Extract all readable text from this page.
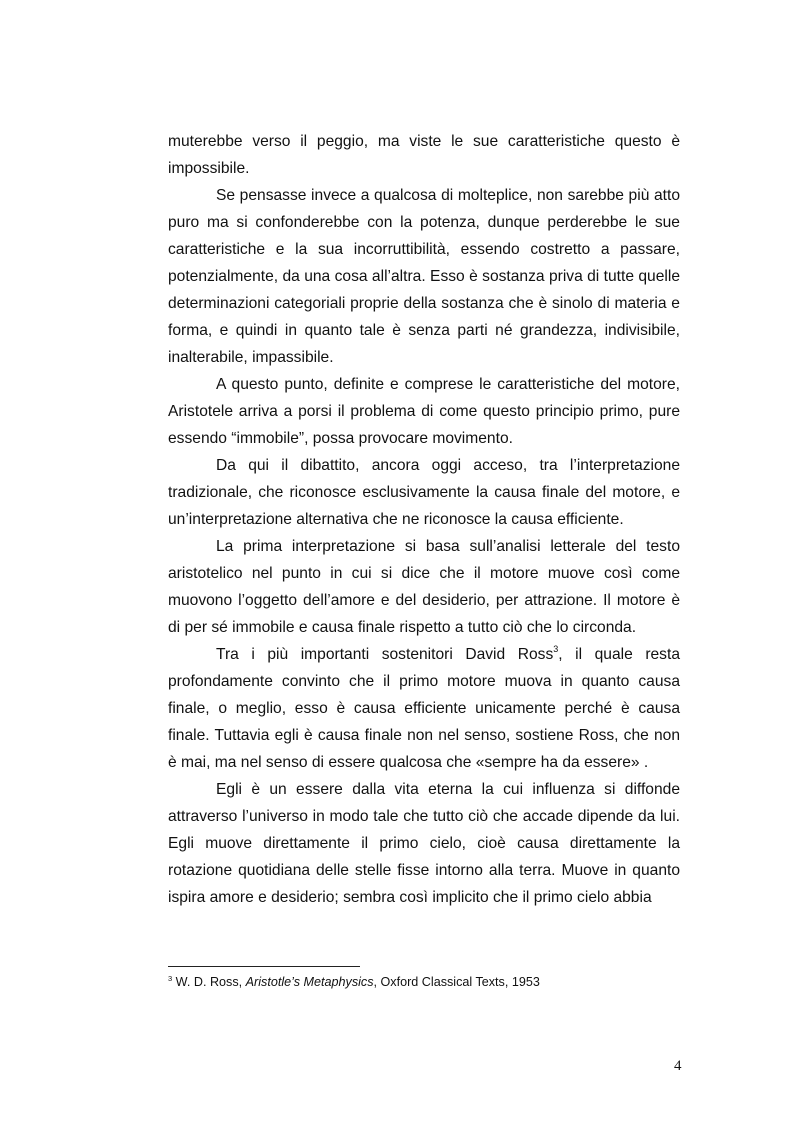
muterebbe verso il peggio, ma viste le sue caratteristiche questo è impossibile.

Se pensasse invece a qualcosa di molteplice, non sarebbe più atto puro ma si confonderebbe con la potenza, dunque perderebbe le sue caratteristiche e la sua incorruttibilità, essendo costretto a passare, potenzialmente, da una cosa all’altra. Esso è sostanza priva di tutte quelle determinazioni categoriali proprie della sostanza che è sinolo di materia e forma, e quindi in quanto tale è senza parti né grandezza, indivisibile, inalterabile, impassibile.

A questo punto, definite e comprese le caratteristiche del motore, Aristotele arriva a porsi il problema di come questo principio primo, pure essendo “immobile”, possa provocare movimento.

Da qui il dibattito, ancora oggi acceso, tra l’interpretazione tradizionale, che riconosce esclusivamente la causa finale del motore, e un’interpretazione alternativa che ne riconosce la causa efficiente.

La prima interpretazione si basa sull’analisi letterale del testo aristotelico nel punto in cui si dice che il motore muove così come muovono l’oggetto dell’amore e del desiderio, per attrazione. Il motore è di per sé immobile e causa finale rispetto a tutto ciò che lo circonda.

Tra i più importanti sostenitori David Ross$^3$, il quale resta profondamente convinto che il primo motore muova in quanto causa finale, o meglio, esso è causa efficiente unicamente perché è causa finale. Tuttavia egli è causa finale non nel senso, sostiene Ross, che non è mai, ma nel senso di essere qualcosa che «sempre ha da essere» .

Egli è un essere dalla vita eterna la cui influenza si diffonde attraverso l’universo in modo tale che tutto ciò che accade dipende da lui. Egli muove direttamente il primo cielo, cioè causa direttamente la rotazione quotidiana delle stelle fisse intorno alla terra. Muove in quanto ispira amore e desiderio; sembra così implicito che il primo cielo abbia

$^3$ W. D. Ross, Aristotle’s Metaphysics, Oxford Classical Texts, 1953
4
